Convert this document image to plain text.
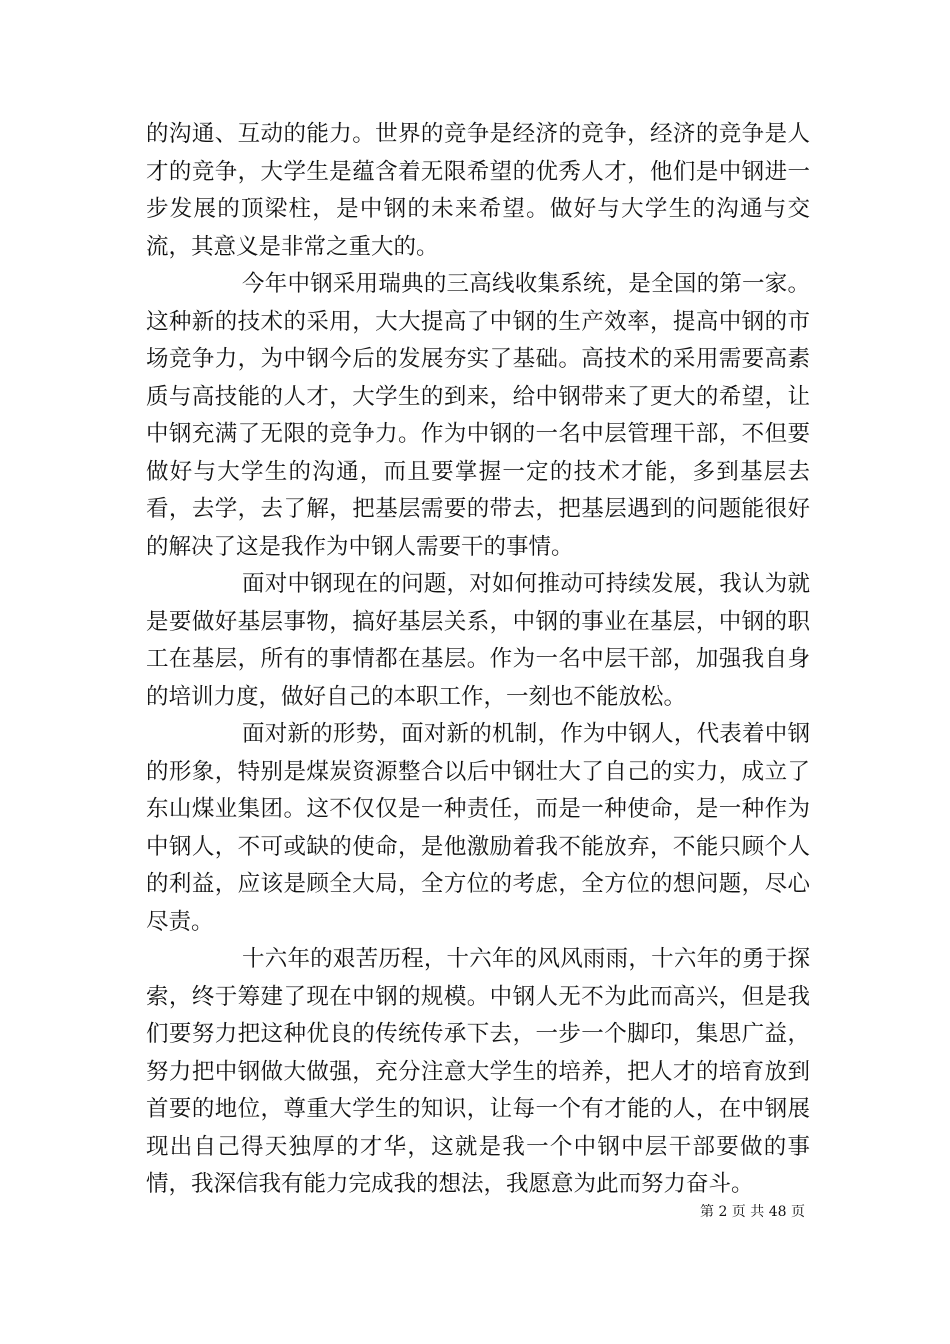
的沟通、互动的能力。世界的竞争是经济的竞争，经济的竞争是人才的竞争，大学生是蕴含着无限希望的优秀人才，他们是中钢进一步发展的顶梁柱，是中钢的未来希望。做好与大学生的沟通与交流，其意义是非常之重大的。

今年中钢采用瑞典的三高线收集系统，是全国的第一家。这种新的技术的采用，大大提高了中钢的生产效率，提高中钢的市场竞争力，为中钢今后的发展夯实了基础。高技术的采用需要高素质与高技能的人才，大学生的到来，给中钢带来了更大的希望，让中钢充满了无限的竞争力。作为中钢的一名中层管理干部，不但要做好与大学生的沟通，而且要掌握一定的技术才能，多到基层去看，去学，去了解，把基层需要的带去，把基层遇到的问题能很好的解决了这是我作为中钢人需要干的事情。

面对中钢现在的问题，对如何推动可持续发展，我认为就是要做好基层事物，搞好基层关系，中钢的事业在基层，中钢的职工在基层，所有的事情都在基层。作为一名中层干部，加强我自身的培训力度，做好自己的本职工作，一刻也不能放松。

面对新的形势，面对新的机制，作为中钢人，代表着中钢的形象，特别是煤炭资源整合以后中钢壮大了自己的实力，成立了东山煤业集团。这不仅仅是一种责任，而是一种使命，是一种作为中钢人，不可或缺的使命，是他激励着我不能放弃，不能只顾个人的利益，应该是顾全大局，全方位的考虑，全方位的想问题，尽心尽责。

十六年的艰苦历程，十六年的风风雨雨，十六年的勇于探索，终于筹建了现在中钢的规模。中钢人无不为此而高兴，但是我们要努力把这种优良的传统传承下去，一步一个脚印，集思广益，努力把中钢做大做强，充分注意大学生的培养，把人才的培育放到首要的地位，尊重大学生的知识，让每一个有才能的人，在中钢展现出自己得天独厚的才华，这就是我一个中钢中层干部要做的事情，我深信我有能力完成我的想法，我愿意为此而努力奋斗。

第 2 页 共 48 页
